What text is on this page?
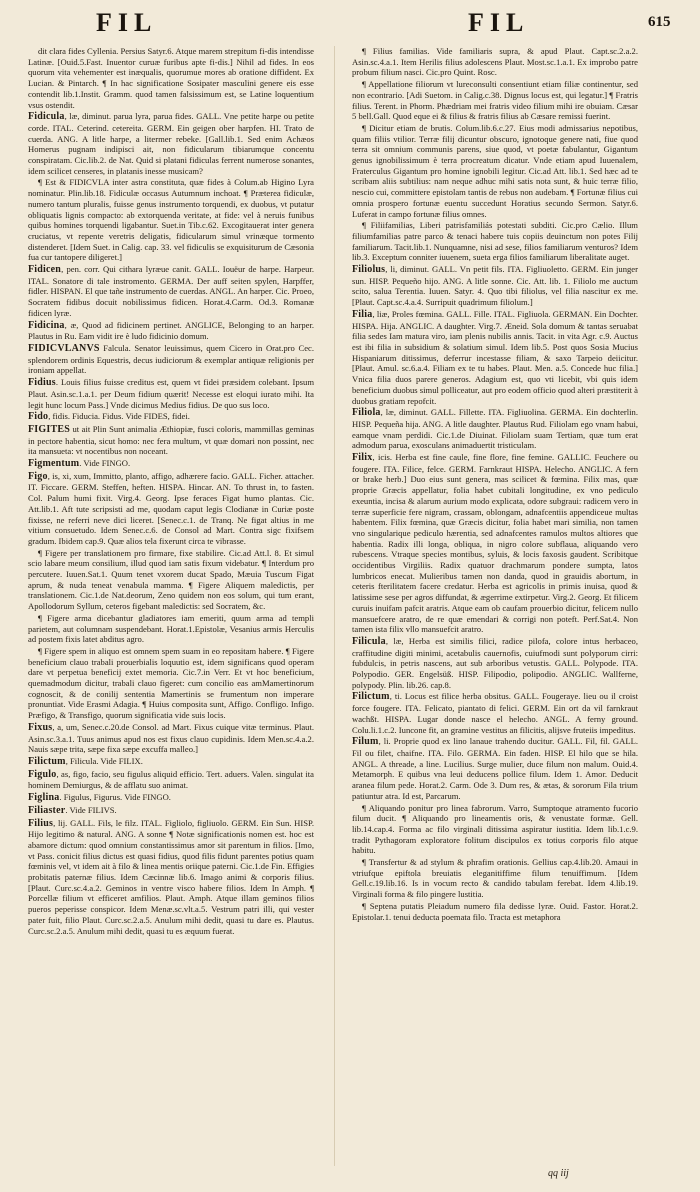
FIL	FIL	615

dit clara fides Cyllenia. Persius Satyr.6. Atque marem strepitum fi-dis intendisse Latinæ. [Ouid.5.Fast. Inuentor curuæ furibus apte fi-dis.] Nihil ad fides. In eos quorum vita vehementer est inæqualis, quorumue mores ab oratione diffident. Ex Lucian. & Pintarch. ¶ In hac significatione Sosipater masculini genere eis esse contendit lib.1.Instit. Gramm. quod tamen falsissimum est, se Latine loquentium vsus ostendit.

Fidicula, læ, diminut. parua lyra, parua fides. GALL. Vne petite harpe ou petite corde. ITAL. Ceterind. cetereita. GERM. Ein geigen ober harpfen. HI. Trato de cuerda. ANG. A litle harpe, a litermer rebeke. [Gall.lib.1. Sed enim Achæos Homerus pugnam indipisci ait, non fidicularum tibiarumque concentu conspiratam. Cic.lib.2. de Nat. Quid si platani fidiculas ferrent numerose sonantes, idem scilicet censeres, in platanis inesse musicam?

¶ Est & FIDICVLA inter astra constituta, quæ fides à Colum.ab Higino Lyra nominatur. Plin.lib.18. Fidiculæ occasus Autumnum inchoat. ¶ Præterea fidiculæ, numero tantum pluralis, fuisse genus instrumento torquendi, ex duobus, vt putatur obliquatis lignis compacto: ab extorquenda veritate, at fide: vel à neruis funibus quibus homines torquendi ligabantur. Suet.in Tib.c.62. Excogitauerat inter genera cruciatus, vt repente veretris deligatis, fidicularum simul vrinæque tormento distenderet. [Idem Suet. in Calig. cap. 33. vel fidiculis se exquisiturum de Cæsonia fua cur tantopere diligeret.]

Fidicen, pen. corr. Qui cithara lyræue canit. GALL. Iouëur de harpe. Harpeur. ITAL. Sonatore di tale instromento. GERMA. Der auff seiten spylen, Harpffer, fidler. HISPAN. El que tañe instrumento de cuerdas. ANGL. An harper. Cic. Proeo, Socratem fidibus docuit nobilissimus fidicen. Horat.4.Carm. Od.3. Romanæ fidicen lyræ.

Fidicina, æ, Quod ad fidicinem pertinet. ANGLICE, Belonging to an harper. Plautus in Ru. Eam vidit ire è ludo fidicinio domum.

FIDICVLANVS Falcula. Senator leuissimus, quem Cicero in Orat.pro Cec. splendorem ordinis Equestris, decus iudiciorum & exemplar antiquæ religionis per ironiam appellat.

Fidius. Louis filius fuisse creditus est, quem vt fidei præsidem colebant. Ipsum Plaut. Asin.sc.1.a.1. per Deum fidium quærit! Necesse est eloqui iurato mihi. Ita legit hunc locum Pass.] Vnde dicimus Medius fidius. De quo sus loco.

Fido, fidis. Fiducia. Fidus. Vide FIDES, fidei.

FIGITES ut ait Plin Sunt animalia Æthiopiæ, fusci coloris, mammillas geminas in pectore habentia, sicut homo: nec fera multum, vt quæ domari non possint, nec ita mansueta: vt nocentibus non noceant.

Figmentum. Vide FINGO.

Figo, is, xi, xum, Immitto, planto, affigo, adhærere facio. GALL. Ficher. attacher. IT. Ficcare. GERM. Steffen, heften. HISPA. Hincar. AN. To thrust in, to fasten. Col. Palum humi fixit. Virg.4. Georg. Ipse feraces Figat humo plantas. Cic. Att.lib.1. Aft tute scripsisti ad me, quodam caput legis Clodianæ in Curiæ poste fixisse, ne referri neve dici liceret. [Senec.c.1. de Tranq. Ne figat altius in me vitium consuetudo. Idem Senec.c.6. de Consol ad Mart. Contra sigc fixifsem gradum. Ibidem cap.9. Quæ alios tela fixerunt circa te vibrasse.

¶ Figere per translationem pro firmare, fixe stabilire. Cic.ad Att.l. 8. Et simul scio labare meum consilium, illud quod iam satis fixum videbatur. ¶ Interdum pro percutere. Iuuen.Sat.1. Quum tenet vxorem ducat Spado, Mæuia Tuscum Figat aprum, & nuda teneat venabula mamma. ¶ Figere Aliquem maledictis, per translationem. Cic.1.de Nat.deorum, Zeno quidem non eos solum, qui tum erant, Apollodorum Syllum, ceteros figebant maledictis: sed Socratem, &c.

¶ Figere arma dicebantur gladiatores iam emeriti, quum arma ad templi parietem, aut columnam suspendebant. Horat.1.Epistolæ, Vesanius armis Herculis ad postem fixis latet abditus agro.

¶ Figere spem in aliquo est omnem spem suam in eo repositam habere. ¶ Figere beneficium clauo trabali prouerbialis loquutio est, idem significans quod operam dare vt perpetua beneficij extet memoria. Cic.7.in Verr. Et vt hoc beneficium, quemadmodum dicitur, trabali clauo figeret: cum concilio eas amMamertinorum cognoscit, & de conilij sententia Mamertinis se frumentum non imperare pronuntiat. Vide Erasmi Adagia. ¶ Huius composita sunt, Affigo. Confligo. Infigo. Præfigo, & Transfigo, quorum significatia vide suis locis.

Fixus, a, um, Senec.c.20.de Consol. ad Mart. Fixus cuique vitæ terminus. Plaut. Asin.sc.3.a.1. Tuus animus apud nos est fixus clauo cupidinis. Idem Men.sc.4.a.2. Nauis sæpe trita, sæpe fixa sæpe excuffa malleo.]

Filictum, Filicula. Vide FILIX.

Figulo, as, figo, facio, seu figulus aliquid efficio. Tert. aduers. Valen. singulat ita hominem Demiurgus, & de afflatu suo animat.

Figlina. Figulus, Figurus. Vide FINGO.

Filiaster. Vide FILIVS.

Filius, lij. GALL. Fils, le filz. ITAL. Figliolo, figliuolo. GERM. Ein Sun. HISP. Hijo legitimo & natural. ANG. A sonne ¶ Notæ significationis nomen est. hoc est abamore dictum: quod omnium constantissimus amor sit parentum in filios. [Imo, vt Pass. conicit filius dictus est quasi fidius, quod filis fidunt parentes potius quam fœminis vel, vt idem ait à filo & linea mentis oriique paterni. Cic.1.de Fin. Effigies probitatis paternæ filius. Idem Cæcinnæ lib.6. Imago animi & corporis filius. [Plaut. Curc.sc.4.a.2. Geminos in ventre visco habere filios. Idem In Amph. ¶ Porcellæ filium vt efficeret amfilios. Plaut. Amph. Atque illam geminos filios pueros peperisse conspicor. Idem Menæ.sc.vlt.a.5. Vestrum patri illi, qui vester pater fuit, filio Plaut. Curc.sc.2.a.5. Anulum mihi dedit, quasi tu dare es. Plautus. Curc.sc.2.a.5. Anulum mihi dedit, quasi tu es æquum fuerat.

¶ Filius familias. Vide familiaris supra, & apud Plaut. Capt.sc.2.a.2. Asin.sc.4.a.1. Item Herilis filius adolescens Plaut. Most.sc.1.a.1. Ex improbo patre probum filium nasci. Cic.pro Quint. Rosc.

¶ Appellatione filiorum vt lureconsulti consentiunt etiam filiæ continentur, sed non econtrario. [Adi Suetom. in Calig.c.38. Dignus locus est, qui legatur.] ¶ Fratris filius. Terent. in Phorm. Phædriam mei fratris video filium mihi ire obuiam. Cæsar 5 bell.Gall. Quod eque ei & filius & fratris filius ab Cæsare remissi fuerint.

¶ Dicitur etiam de brutis. Colum.lib.6.c.27. Eius modi admissarius nepotibus, quam filiis vtilior. Terræ filij dicuntur obscuro, ignotoque genere nati, fiue quod terra sit omnium communis parens, siue quod, vt poetæ fabulantur, Gigantum genus ignobilissimum è terra procreatum dicatur. Vnde etiam apud Iuuenalem, Fraterculus Gigantum pro homine ignobili legitur. Cic.ad Att. lib.1. Sed hæc ad te scribam aliis subtilius: nam neque adhuc mihi satis nota sunt, & huic terræ filio, nescio cui, committere epistolam tantis de rebus non audebam. ¶ Fortunæ filius cui omnia prospero fortunæ euentu succedunt Horatius secundo Sermon. Satyr.6. Luferat in campo fortunæ filius omnes.

¶ Filiifamilias, Liberi patrisfamiliás potestati subditi. Cic.pro Cælio. Illum filiumfamilias patre parco & tenaci habere tuis copiis deuinctum non potes Filij familiarum. Tacit.lib.1. Nunquamne, nisi ad sese, filios familiarum venturos? Idem lib.3. Exceptum conniter iuuenem, sueta erga filios familiarum liberalitate auget.

Filiolus, li, diminut. GALL. Vn petit fils. ITA. Figliuoletto. GERM. Ein junger sun. HISP. Pequeño hijo. ANG. A litle sonne. Cic. Att. lib. 1. Filiolo me auctum scito, salua Terentia. Iuuen. Satyr. 4. Quo tibi filiolus, vel filia nascitur ex me. [Plaut. Capt.sc.4.a.4. Surripuit quadrimum filiolum.]

Filia, liæ, Proles fœmina. GALL. Fille. ITAL. Figliuola. GERMAN. Ein Dochter. HISPA. Hija. ANGLIC. A daughter. Virg.7. Æneid. Sola domum & tantas seruabat filia sedes Iam matura viro, iam plenis nubilis annis. Tacit. in vita Agr. c.9. Auctus est ibi filia in subsidium & solatium simul. Idem lib.5. Post quos Sosia Mucius Hispaniarum ditissimus, deferrur incestasse filiam, & saxo Tarpeio deiicitur. [Plaut. Amul. sc.6.a.4. Filiam ex te tu habes. Plaut. Men. a.5. Concede huc filia.] Vnica filia duos parere generos. Adagium est, quo vti licebit, vbi quis idem beneficium duobus simul polliceatur, aut pro eodem officio quod alteri præstiterit à duobus gratiam repofcit.

Filiola, læ, diminut. GALL. Fillette. ITA. Figliuolina. GERMA. Ein dochterlin. HISP. Pequeña hija. ANG. A litle daughter. Plautus Rud. Filiolam ego vnam habui, eamque vnam perdidi. Cic.1.de Diuinat. Filiolam suam Tertiam, quæ tum erat admodum parua, exosculans animaduertit tristiculam.

Filix, icis. Herba est fine caule, fine flore, fine femine. GALLIC. Feuchere ou fougere. ITA. Filice, felce. GERM. Farnkraut HISPA. Helecho. ANGLIC. A fern or brake herb.] Duo eius sunt genera, mas scilicet & fœmina. Filix mas, quæ proprie Græcis appellatur, folia habet cubitali longitudine, ex vno pediculo exeuntia, incisa & alarum aurium modo explicata, odore subgraui: radicem vero in terræ superficie fere nigram, crassam, oblongam, adnafcentiis appendiceue multas habentem. Filix fœmina, quæ Græcis dicitur, folia habet mari similia, non tamen vno singularique pediculo hærentia, sed adnafcentes ramulos multos altiores que habentia. Radix illi longa, obliqua, in nigro colore subflaua, aliquando vero rubescens. Vtraque species montibus, syluis, & locis faxosis gaudent. Scribitque occidentibus Virgiliis. Radix quatuor drachmarum pondere sumpta, latos lumbricos enecat. Mulieribus tamen non danda, quod in grauidis abortum, in ceteris fterilitatem facere credatur. Herba est agricolis in primis inuisa, quod & latissime sese per agros diffundat, & ægerrime extirpetur. Virg.2. Georg. Et filicem curuis inuifam pafcit aratris. Atque eam ob caufam prouerbio dicitur, felicem nullo mansuefcere aratro, de re quæ emendari & corrigi non poteft. Perf.Sat.4. Non tamen ista filix vllo mansuefcit aratro.

Filicula, læ, Herba est similis filici, radice pilofa, colore intus herbaceo, craffitudine digiti minimi, acetabulis cauernofis, cuiufmodi sunt polyporum cirri: fubdulcis, in petris nascens, aut sub arboribus vetustis. GALL. Polypode. ITA. Polypodio. GER. Engelsüß. HISP. Filipodio, polipodio. ANGLIC. Wallferne, polypody. Plin. lib.26. cap.8.

Filictum, ti. Locus est filice herba obsitus. GALL. Fougeraye. lieu ou il croist force fougere. ITA. Felicato, piantato di felici. GERM. Ein ort da vil farnkraut wachßt. HISPA. Lugar donde nasce el helecho. ANGL. A ferny ground. Colu.li.1.c.2. Iuncone fit, an gramine vestitus an filicitis, alijsve fruteiis impeditus.

Filum, li. Proprie quod ex lino lanaue trahendo ducitur. GALL. Fil, fil. GALL. Fil ou filet, chaifne. ITA. Filo. GERMA. Ein faden. HISP. El hilo que se hila. ANGL. A threade, a line. Lucilius. Surge mulier, duce filum non malum. Ouid.4. Metamorph. E quibus vna leui deducens pollice filum. Idem 1. Amor. Deducit aranea filum pede. Horat.2. Carm. Ode 3. Dum res, & ætas, & sororum Fila trium patiuntur atra. Id est, Parcarum.

¶ Aliquando ponitur pro linea fabrorum. Varro, Sumptoque atramento fucorio filum ducit. ¶ Aliquando pro lineamentis oris, & venustate formæ. Gell. lib.14.cap.4. Forma ac filo virginali ditissima aspiratur iustitia. Idem lib.1.c.9. tradit Pythagoram exploratore folitum discipulos ex totius corporis filo atque habitu.

¶ Transfertur & ad stylum & phrafim orationis. Gellius cap.4.lib.20. Amaui in vtriufque epiftola breuiatis eleganitiffime filum tenuiffimum. [Idem Gell.c.19.lib.16. Is in vocum recto & candido tabulam ferebat. Idem 4.lib.19. Virginali forma & filo pingere lustitia.

¶ Septena putatis Pleiadum numero fila dedisse lyræ. Ouid. Fastor. Horat.2. Epistolar.1. tenui deducta poemata filo. Tracta est metaphora

qq iij
